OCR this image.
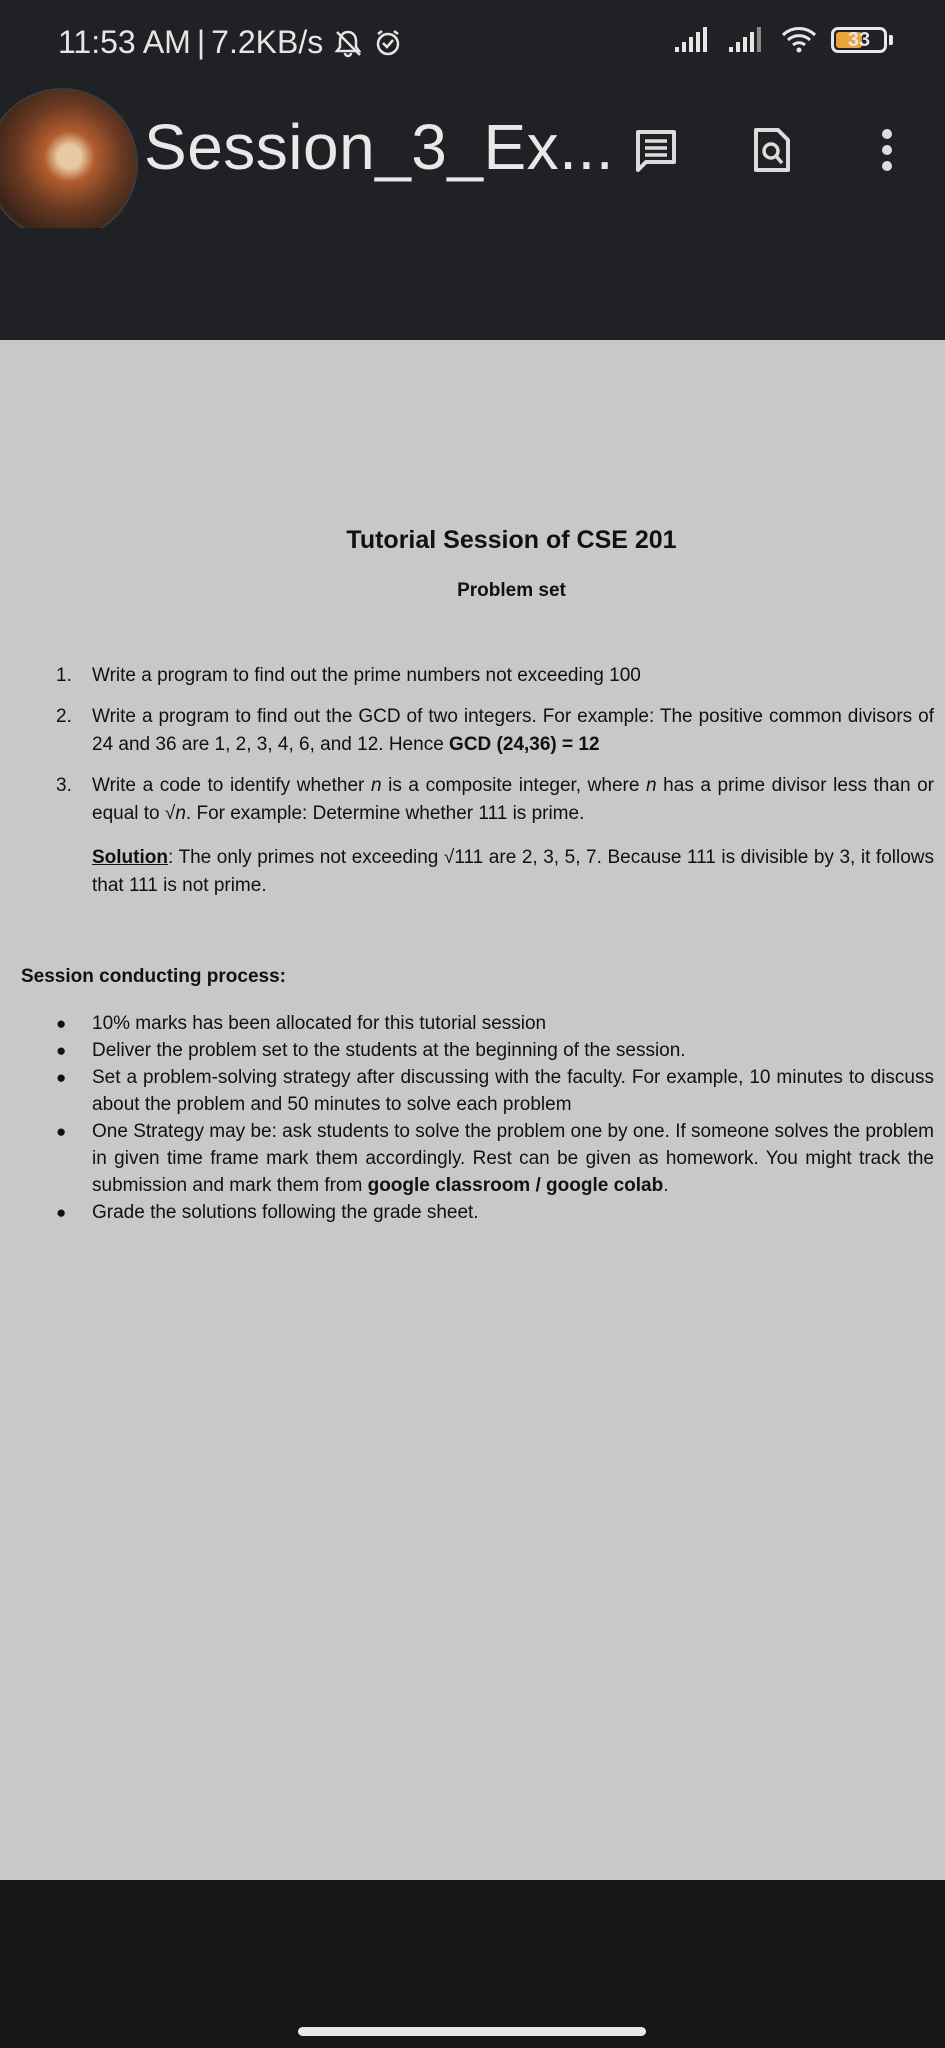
11:53 AM | 7.2KB/s	33
Session_3_Ex...
Tutorial Session of CSE 201
Problem set
1.	Write a program to find out the prime numbers not exceeding 100
2.	Write a program to find out the GCD of two integers. For example: The positive common divisors of 24 and 36 are 1, 2, 3, 4, 6, and 12. Hence GCD (24,36) = 12
3.	Write a code to identify whether n is a composite integer, where n has a prime divisor less than or equal to √n. For example: Determine whether 111 is prime.
Solution: The only primes not exceeding √111 are 2, 3, 5, 7. Because 111 is divisible by 3, it follows that 111 is not prime.
Session conducting process:
●	10% marks has been allocated for this tutorial session
●	Deliver the problem set to the students at the beginning of the session.
●	Set a problem-solving strategy after discussing with the faculty. For example, 10 minutes to discuss about the problem and 50 minutes to solve each problem
●	One Strategy may be: ask students to solve the problem one by one. If someone solves the problem in given time frame mark them accordingly. Rest can be given as homework. You might track the submission and mark them from google classroom / google colab.
●	Grade the solutions following the grade sheet.
